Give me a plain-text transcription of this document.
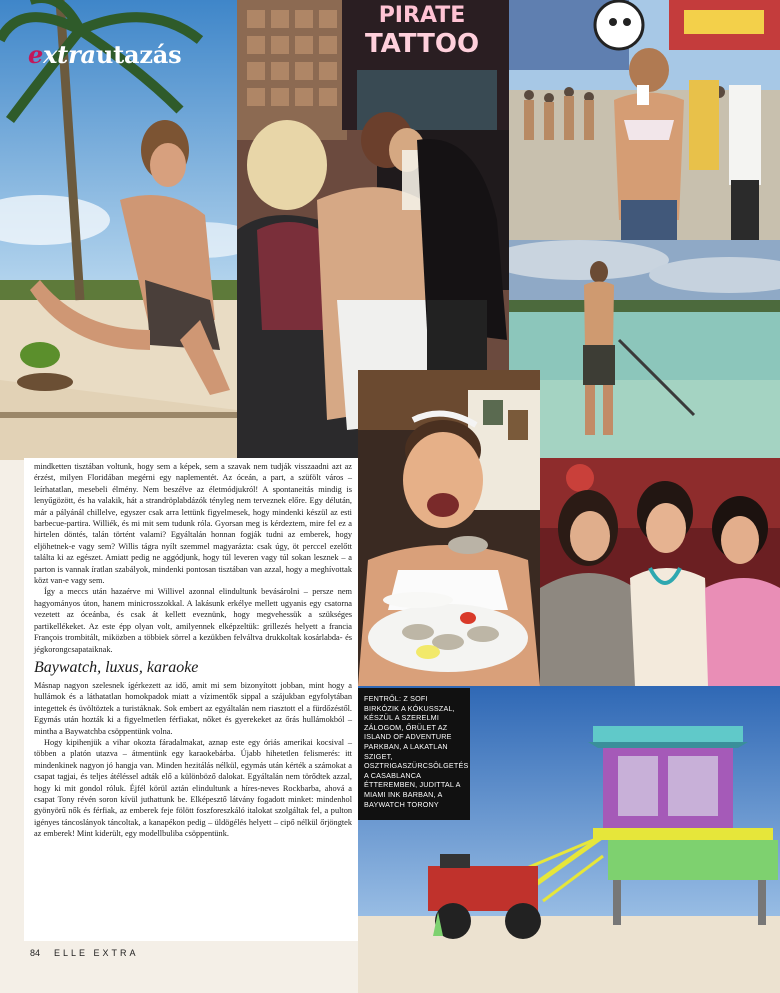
extrautazás
PIRATE
TATTOO

mindketten tisztában voltunk, hogy sem a képek, sem a szavak nem tudják visszaadni azt az érzést, milyen Floridában megérni egy naplementét. Az óceán, a part, a szüfölt város – leírhatatlan, mesebeli élmény. Nem beszélve az életmódjukról! A spontaneitás mindig is lenyűgözött, és ha valakik, hát a strandröplabdázók tényleg nem terveznek előre. Egy délután, már a pályánál chillelve, egyszer csak arra lettünk figyelmesek, hogy mindenki készül az esti barbecue-partira. Williék, és mi mit sem tudunk róla. Gyorsan meg is kérdeztem, mire fel ez a hirtelen döntés, talán történt valami? Egyáltalán honnan fogják tudni az emberek, hogy eljöhetnek-e vagy sem? Willis tágra nyílt szemmel magyarázta: csak úgy, öt perccel ezelőtt találta ki az egészet. Amiatt pedig ne aggódjunk, hogy túl leveren vagy túl sokan lesznek – a parton is vannak íratlan szabályok, mindenki pontosan tisztában van azzal, hogy a meghívottak közt van-e vagy sem.

Így a meccs után hazaérve mi Willivel azonnal elindultunk bevásárolni – persze nem hagyományos úton, hanem minicrosszokkal. A lakásunk erkélye mellett ugyanis egy csatorna vezetett az óceánba, és csak át kellett eveznünk, hogy megvehessük a szükséges partikellékeket. Az este épp olyan volt, amilyennek elképzeltük: grillezés helyett a francia François trombitált, miközben a többiek sörrel a kezükben felváltva drukkoltak kosárlabda- és jégkorongcsapataiknak.

Baywatch, luxus, karaoke

Másnap nagyon szelesnek ígérkezett az idő, amit mi sem bizonyított jobban, mint hogy a hullámok és a láthatatlan homokpadok miatt a vízimentők sippal a szájukban egyfolytában integettek és üvöltöztek a turistáknak. Sok embert az egyáltalán nem riasztott el a fürdőzéstől. Egymás után hozták ki a figyelmetlen férfiakat, nőket és gyerekeket az őrás hullámokból – mintha a Baywatchba csöppentünk volna.

Hogy kipihenjük a vihar okozta fáradalmakat, aznap este egy óriás amerikai kocsival – többen a platón utazva – átmentünk egy karaokebárba. Újabb hihetetlen felismerés: itt mindenkinek nagyon jó hangja van. Minden hezitálás nélkül, egymás után kérték a számokat a csapat tagjai, és teljes átéléssel adták elő a különböző dalokat. Egyáltalán nem törődtek azzal, hogy ki mit gondol róluk. Éjfél körül aztán elindultunk a híres-neves Rockbarba, ahová a csapat Tony révén soron kívül juthattunk be. Elképesztő látvány fogadott minket: mindenhol gyönyörű nők és férfiak, az emberek feje fölött foszforeszkáló italokat szolgáltak fel, a pulton igényes táncoslányok táncoltak, a kanapékon pedig – üldögélés helyett – cipő nélkül őrjöngtek az emberek! Mint kiderült, egy modellbuliba csöppentünk.

FENTRŐL: Z SOFI BIRKÓZIK A KÓKUSSZAL, KÉSZÜL A SZERELMI ZÁLOGOM, ŐRÜLET AZ ISLAND OF ADVENTURE PARKBAN, A LAKATLAN SZIGET, OSZTRIGASZÜRCSÖLGETÉS A CASABLANCA ÉTTEREMBEN, JUDITTAL A MIAMI INK BARBAN, A BAYWATCH TORONY
84 ELLE EXTRA
